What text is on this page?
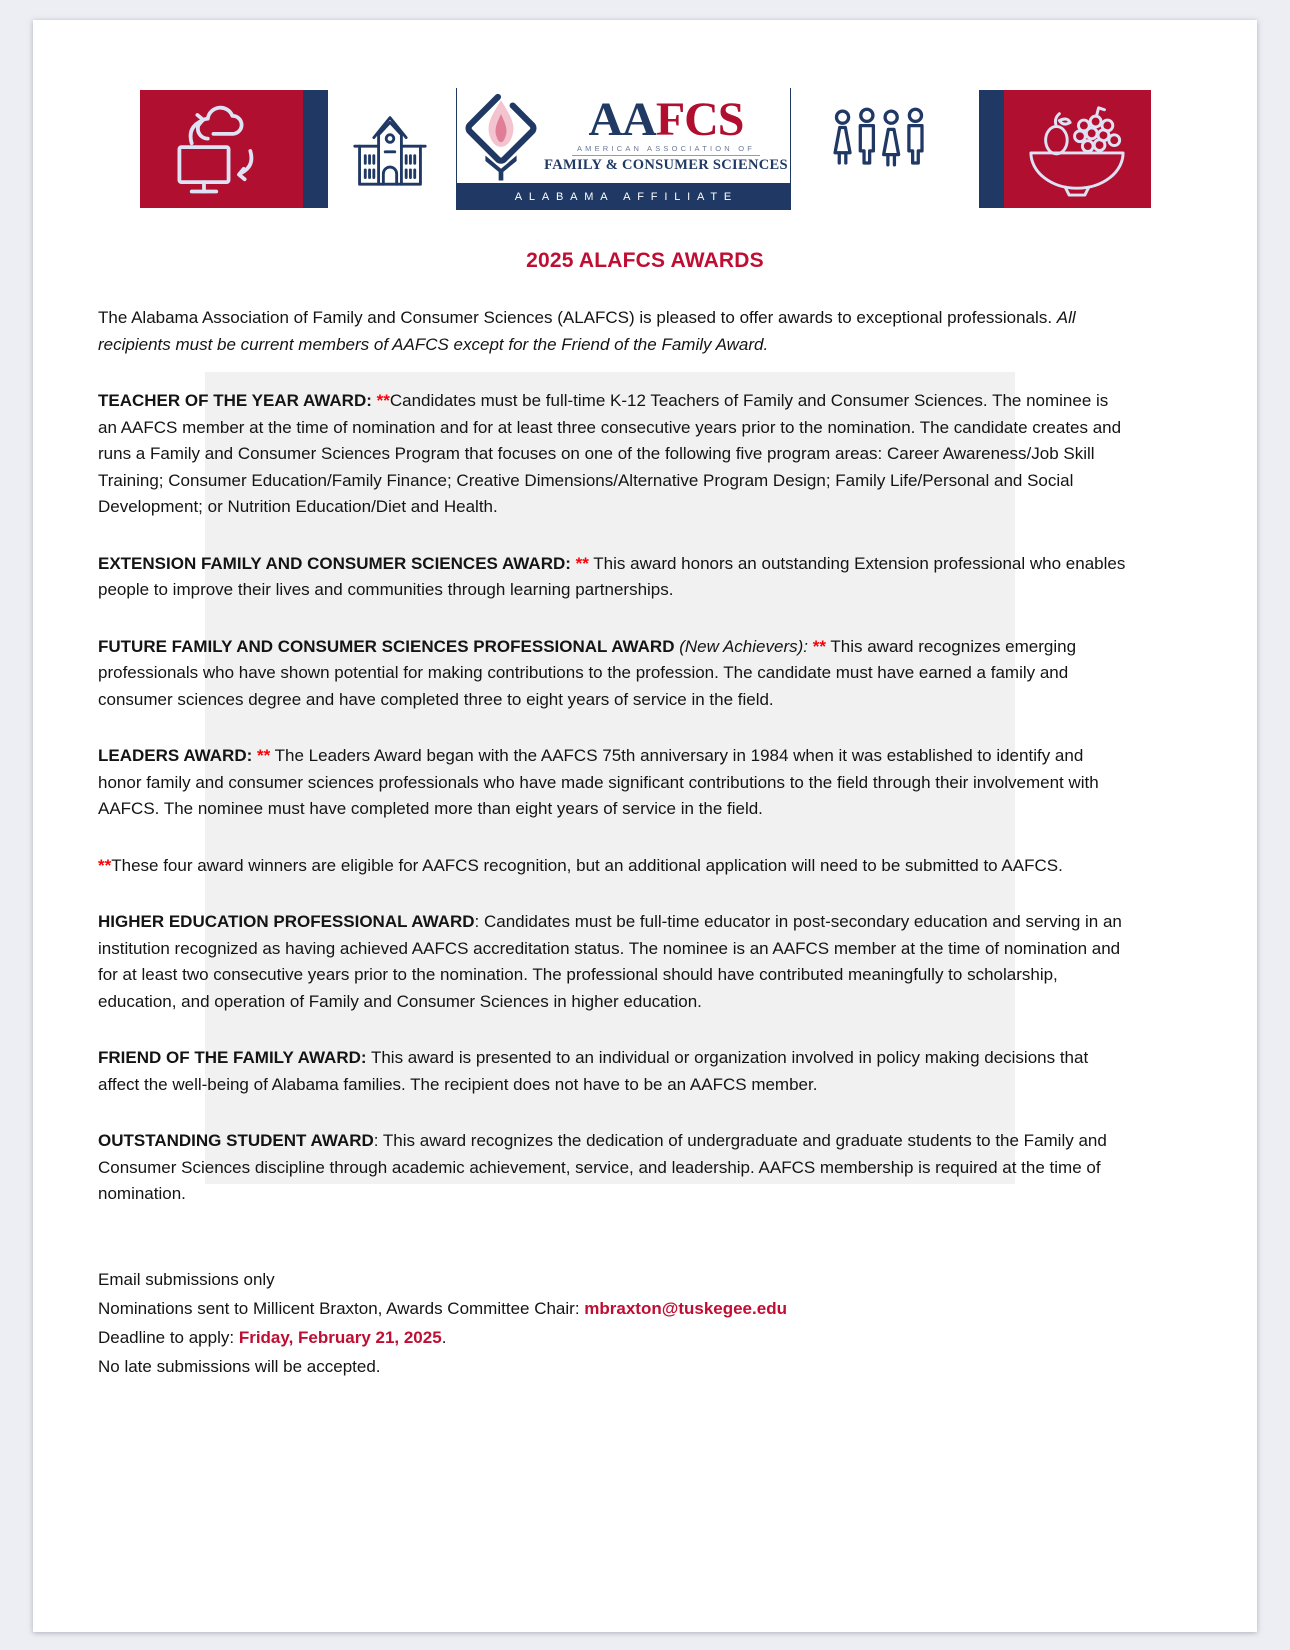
AAFCS
AMERICAN ASSOCIATION OF
FAMILY & CONSUMER SCIENCES
ALABAMA AFFILIATE
2025 ALAFCS AWARDS

The Alabama Association of Family and Consumer Sciences (ALAFCS) is pleased to offer awards to exceptional professionals. All recipients must be current members of AAFCS except for the Friend of the Family Award.

TEACHER OF THE YEAR AWARD: **Candidates must be full-time K-12 Teachers of Family and Consumer Sciences. The nominee is an AAFCS member at the time of nomination and for at least three consecutive years prior to the nomination. The candidate creates and runs a Family and Consumer Sciences Program that focuses on one of the following five program areas: Career Awareness/Job Skill Training; Consumer Education/Family Finance; Creative Dimensions/Alternative Program Design; Family Life/Personal and Social Development; or Nutrition Education/Diet and Health.

EXTENSION FAMILY AND CONSUMER SCIENCES AWARD: ** This award honors an outstanding Extension professional who enables people to improve their lives and communities through learning partnerships.

FUTURE FAMILY AND CONSUMER SCIENCES PROFESSIONAL AWARD (New Achievers): ** This award recognizes emerging professionals who have shown potential for making contributions to the profession. The candidate must have earned a family and consumer sciences degree and have completed three to eight years of service in the field.

LEADERS AWARD: ** The Leaders Award began with the AAFCS 75th anniversary in 1984 when it was established to identify and honor family and consumer sciences professionals who have made significant contributions to the field through their involvement with AAFCS. The nominee must have completed more than eight years of service in the field.

**These four award winners are eligible for AAFCS recognition, but an additional application will need to be submitted to AAFCS.

HIGHER EDUCATION PROFESSIONAL AWARD: Candidates must be full-time educator in post-secondary education and serving in an institution recognized as having achieved AAFCS accreditation status. The nominee is an AAFCS member at the time of nomination and for at least two consecutive years prior to the nomination. The professional should have contributed meaningfully to scholarship, education, and operation of Family and Consumer Sciences in higher education.

FRIEND OF THE FAMILY AWARD: This award is presented to an individual or organization involved in policy making decisions that affect the well-being of Alabama families. The recipient does not have to be an AAFCS member.

OUTSTANDING STUDENT AWARD: This award recognizes the dedication of undergraduate and graduate students to the Family and Consumer Sciences discipline through academic achievement, service, and leadership. AAFCS membership is required at the time of nomination.

Email submissions only
Nominations sent to Millicent Braxton, Awards Committee Chair: mbraxton@tuskegee.edu
Deadline to apply: Friday, February 21, 2025.
No late submissions will be accepted.
